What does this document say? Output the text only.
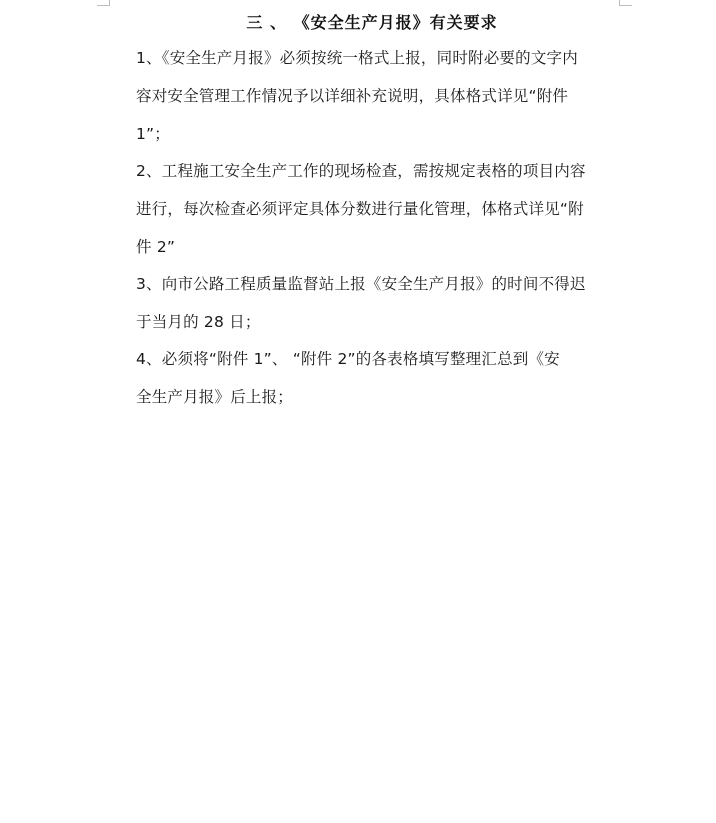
三 、 《安全生产月报》有关要求
1、《安全生产月报》必须按统一格式上报，同时附必要的文字内
容对安全管理工作情况予以详细补充说明，具体格式详见“附件
1”；
2、工程施工安全生产工作的现场检查，需按规定表格的项目内容
进行，每次检查必须评定具体分数进行量化管理，体格式详见“附
件 2”
3、向市公路工程质量监督站上报《安全生产月报》的时间不得迟
于当月的 28 日；
4、必须将“附件 1”、 “附件 2”的各表格填写整理汇总到《安
全生产月报》后上报；
